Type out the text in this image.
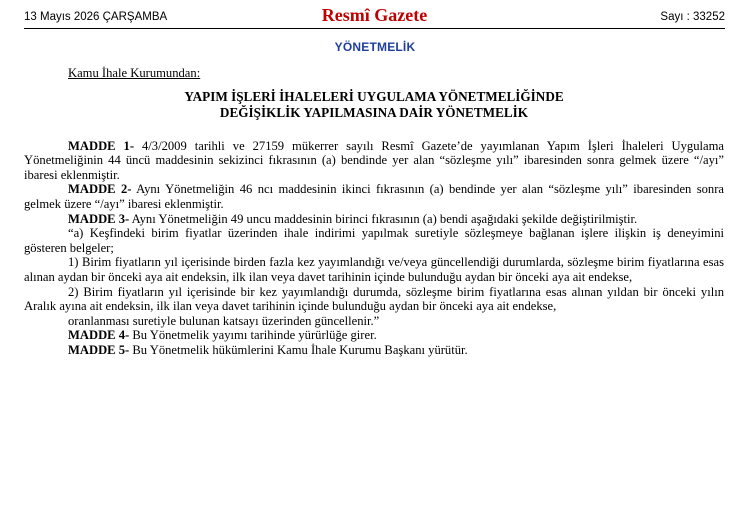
13 Mayıs 2026 ÇARŞAMBA	Resmî Gazete	Sayı : 33252
YÖNETMELİK

Kamu İhale Kurumundan:

YAPIM İŞLERİ İHALELERİ UYGULAMA YÖNETMELİĞİNDE
DEĞİŞİKLİK YAPILMASINA DAİR YÖNETMELİK

MADDE 1- 4/3/2009 tarihli ve 27159 mükerrer sayılı Resmî Gazete’de yayımlanan Yapım İşleri İhaleleri Uygulama Yönetmeliğinin 44 üncü maddesinin sekizinci fıkrasının (a) bendinde yer alan “sözleşme yılı” ibaresinden sonra gelmek üzere “/ayı” ibaresi eklenmiştir.

MADDE 2- Aynı Yönetmeliğin 46 ncı maddesinin ikinci fıkrasının (a) bendinde yer alan “sözleşme yılı” ibaresinden sonra gelmek üzere “/ayı” ibaresi eklenmiştir.

MADDE 3- Aynı Yönetmeliğin 49 uncu maddesinin birinci fıkrasının (a) bendi aşağıdaki şekilde değiştirilmiştir.

“a) Keşfindeki birim fiyatlar üzerinden ihale indirimi yapılmak suretiyle sözleşmeye bağlanan işlere ilişkin iş deneyimini gösteren belgeler;

1) Birim fiyatların yıl içerisinde birden fazla kez yayımlandığı ve/veya güncellendiği durumlarda, sözleşme birim fiyatlarına esas alınan aydan bir önceki aya ait endeksin, ilk ilan veya davet tarihinin içinde bulunduğu aydan bir önceki aya ait endekse,

2) Birim fiyatların yıl içerisinde bir kez yayımlandığı durumda, sözleşme birim fiyatlarına esas alınan yıldan bir önceki yılın Aralık ayına ait endeksin, ilk ilan veya davet tarihinin içinde bulunduğu aydan bir önceki aya ait endekse,

oranlanması suretiyle bulunan katsayı üzerinden güncellenir.”

MADDE 4- Bu Yönetmelik yayımı tarihinde yürürlüğe girer.

MADDE 5- Bu Yönetmelik hükümlerini Kamu İhale Kurumu Başkanı yürütür.
